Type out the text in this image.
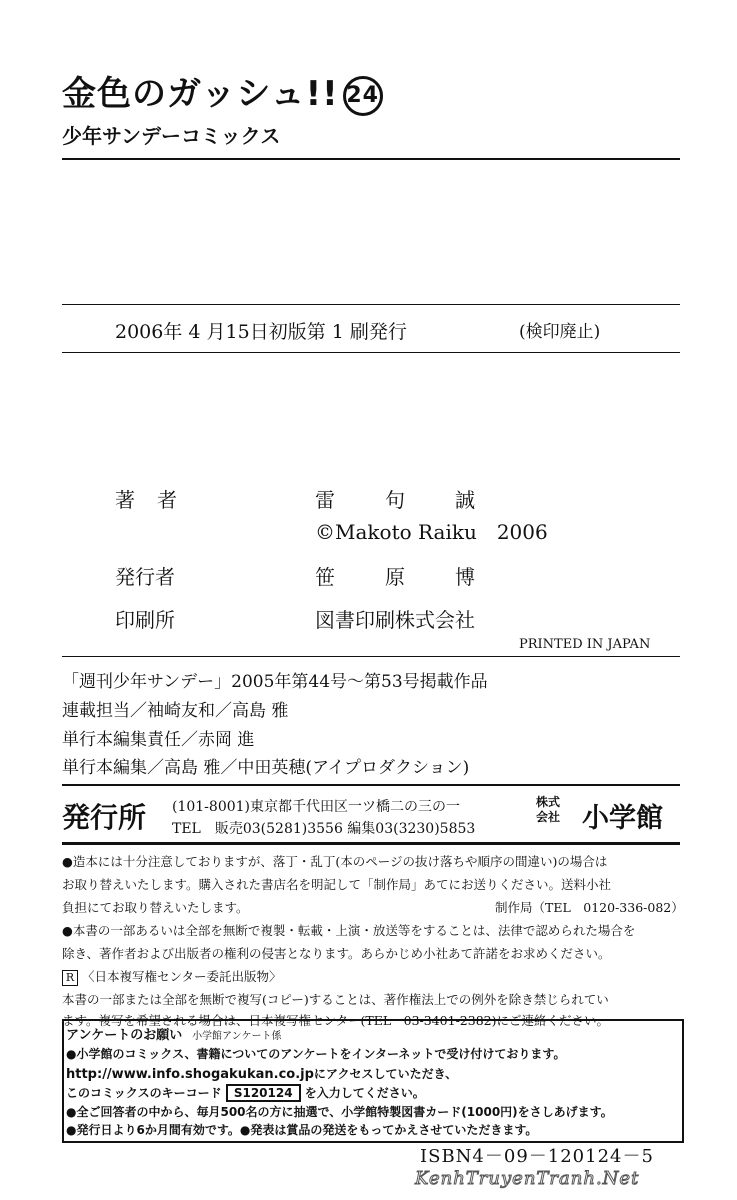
金色のガッシュ!! 24
少年サンデーコミックス
2006年 4 月15日初版第 1 刷発行	(検印廃止)
著者	雷句誠
©Makoto Raiku　2006
発行者	笹原博
印刷所	図書印刷株式会社
PRINTED IN JAPAN
「週刊少年サンデー」2005年第44号～第53号掲載作品
連載担当／袖崎友和／高島 雅
単行本編集責任／赤岡 進
単行本編集／高島 雅／中田英穂(アイプロダクション)
発行所 (101-8001)東京都千代田区一ツ橋二の三の一
TEL　販売03(5281)3556 編集03(3230)5853
株式
会社 小学館
●造本には十分注意しておりますが、落丁・乱丁(本のページの抜け落ちや順序の間違い)の場合は
お取り替えいたします。購入された書店名を明記して「制作局」あてにお送りください。送料小社
負担にてお取り替えいたします。	制作局（TEL　0120-336-082）
●本書の一部あるいは全部を無断で複製・転載・上演・放送等をすることは、法律で認められた場合を
除き、著作者および出版者の権利の侵害となります。あらかじめ小社あて許諾をお求めください。
R 〈日本複写権センター委託出版物〉
本書の一部または全部を無断で複写(コピー)することは、著作権法上での例外を除き禁じられてい
ます。複写を希望される場合は、日本複写権センター(TEL　03-3401-2382)にご連絡ください。
アンケートのお願い 小学館アンケート係
●小学館のコミックス、書籍についてのアンケートをインターネットで受け付けております。
http://www.info.shogakukan.co.jpにアクセスしていただき、
このコミックスのキーコード S120124 を入力してください。
●全ご回答者の中から、毎月500名の方に抽選で、小学館特製図書カード(1000円)をさしあげます。
●発行日より6か月間有効です。●発表は賞品の発送をもってかえさせていただきます。
ISBN4－09－120124－5
KenhTruyenTranh.Net
